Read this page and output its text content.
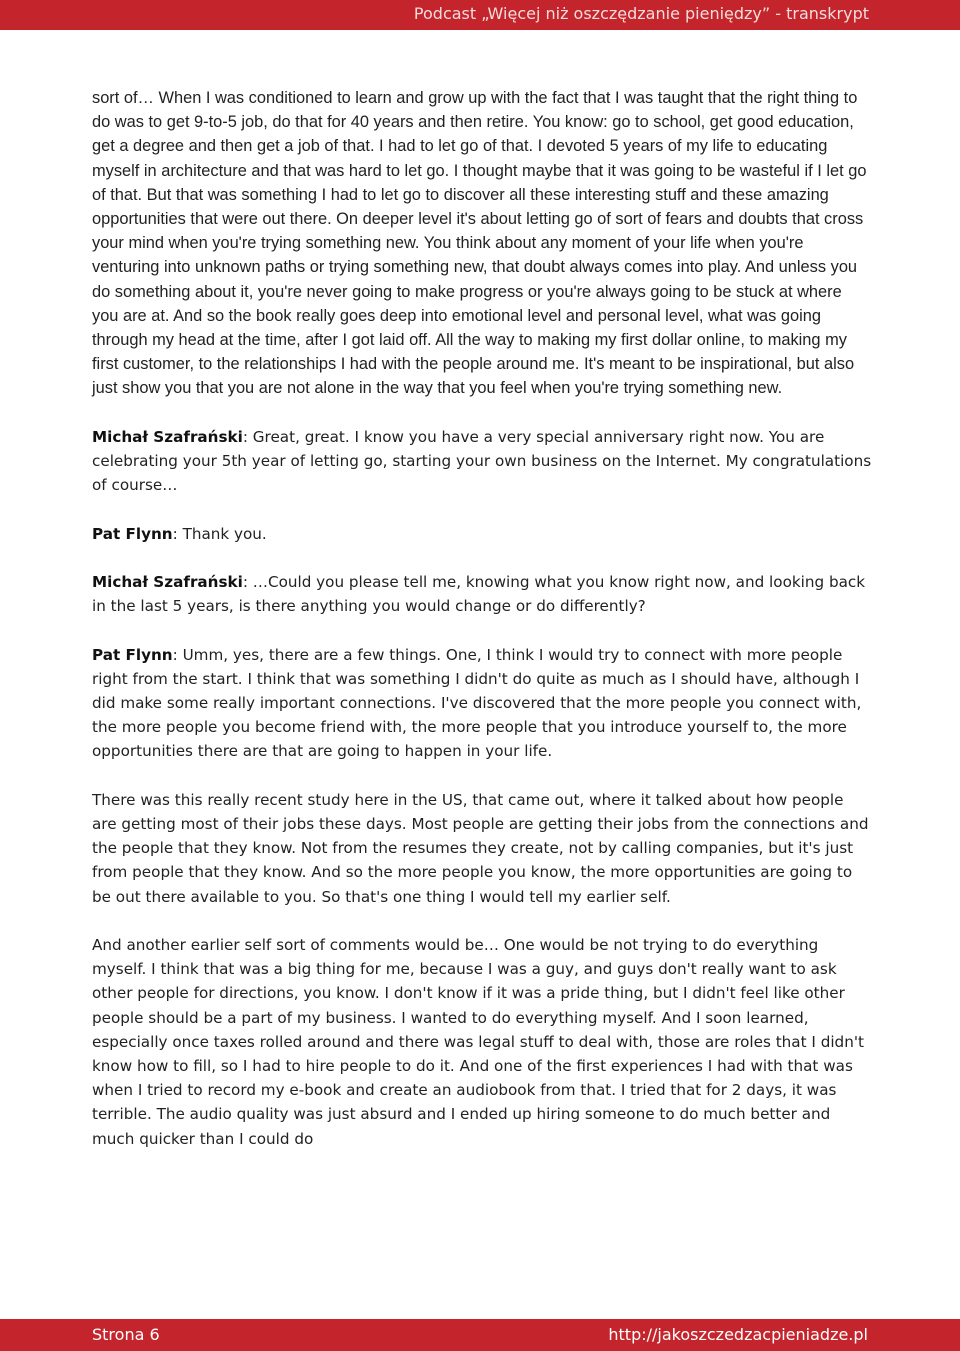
Podcast „Więcej niż oszczędzanie pieniędzy” - transkrypt

sort of… When I was conditioned to learn and grow up with the fact that I was taught that the right thing to do was to get 9-to-5 job, do that for 40 years and then retire. You know: go to school, get good education, get a degree and then get a job of that. I had to let go of that. I devoted 5 years of my life to educating myself in architecture and that was hard to let go. I thought maybe that it was going to be wasteful if I let go of that. But that was something I had to let go to discover all these interesting stuff and these amazing opportunities that were out there. On deeper level it's about letting go of sort of fears and doubts that cross your mind when you're trying something new. You think about any moment of your life when you're venturing into unknown paths or trying something new, that doubt always comes into play. And unless you do something about it, you're never going to make progress or you're always going to be stuck at where you are at. And so the book really goes deep into emotional level and personal level, what was going through my head at the time, after I got laid off. All the way to making my first dollar online, to making my first customer, to the relationships I had with the people around me. It's meant to be inspirational, but also just show you that you are not alone in the way that you feel when you're trying something new.

Michał Szafrański: Great, great. I know you have a very special anniversary right now. You are celebrating your 5th year of letting go, starting your own business on the Internet. My congratulations of course…

Pat Flynn: Thank you.

Michał Szafrański: …Could you please tell me, knowing what you know right now, and looking back in the last 5 years, is there anything you would change or do differently?

Pat Flynn: Umm, yes, there are a few things. One, I think I would try to connect with more people right from the start. I think that was something I didn't do quite as much as I should have, although I did make some really important connections. I've discovered that the more people you connect with, the more people you become friend with, the more people that you introduce yourself to, the more opportunities there are that are going to happen in your life.

There was this really recent study here in the US, that came out, where it talked about how people are getting most of their jobs these days. Most people are getting their jobs from the connections and the people that they know. Not from the resumes they create, not by calling companies, but it's just from people that they know. And so the more people you know, the more opportunities are going to be out there available to you. So that's one thing I would tell my earlier self.

And another earlier self sort of comments would be… One would be not trying to do everything myself. I think that was a big thing for me, because I was a guy, and guys don't really want to ask other people for directions, you know. I don't know if it was a pride thing, but I didn't feel like other people should be a part of my business. I wanted to do everything myself. And I soon learned, especially once taxes rolled around and there was legal stuff to deal with, those are roles that I didn't know how to fill, so I had to hire people to do it. And one of the first experiences I had with that was when I tried to record my e-book and create an audiobook from that. I tried that for 2 days, it was terrible. The audio quality was just absurd and I ended up hiring someone to do much better and much quicker than I could do

Strona 6	http://jakoszczedzacpieniadze.pl
